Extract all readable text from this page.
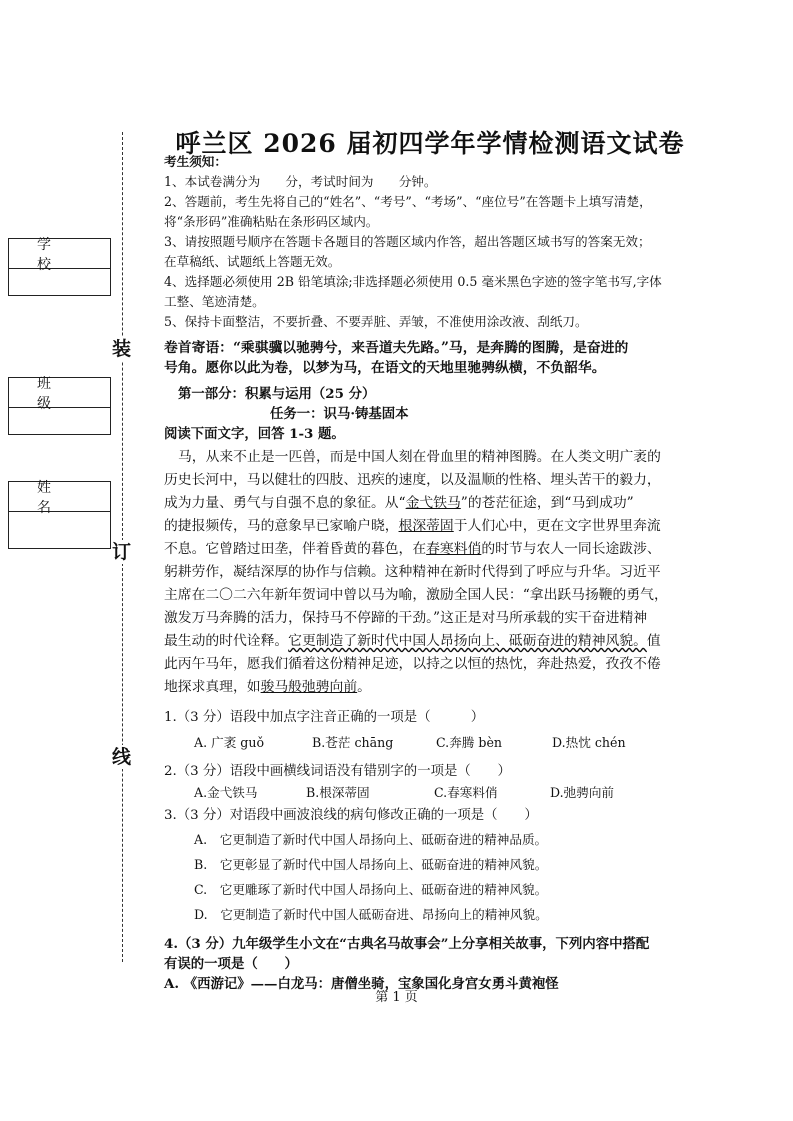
装
订
线
学校
班级
姓名
呼兰区 2026 届初四学年学情检测语文试卷
考生须知：
1、本试卷满分为　　分，考试时间为　　分钟。
2、答题前，考生先将自己的“姓名”、“考号”、“考场”、“座位号”在答题卡上填写清楚，
将“条形码”准确粘贴在条形码区域内。
3、请按照题号顺序在答题卡各题目的答题区域内作答，超出答题区域书写的答案无效；
在草稿纸、试题纸上答题无效。
4、选择题必须使用 2B 铅笔填涂;非选择题必须使用 0.5 毫米黑色字迹的签字笔书写,字体
工整、笔迹清楚。
5、保持卡面整洁，不要折叠、不要弄脏、弄皱，不准使用涂改液、刮纸刀。
卷首寄语：“乘骐骥以驰骋兮，来吾道夫先路。”马，是奔腾的图腾，是奋进的
号角。愿你以此为卷，以梦为马，在语文的天地里驰骋纵横，不负韶华。
第一部分：积累与运用（25 分）
任务一：识马·铸基固本
阅读下面文字，回答 1-3 题。
马，从来不止是一匹兽，而是中国人刻在骨血里的精神图腾。在人类文明广袤的
历史长河中，马以健壮的四肢、迅疾的速度，以及温顺的性格、埋头苦干的毅力，
成为力量、勇气与自强不息的象征。从“金弋铁马”的苍茫征途，到“马到成功”
的捷报频传，马的意象早已家喻户晓，根深蒂固于人们心中，更在文字世界里奔流
不息。它曾踏过田垄，伴着昏黄的暮色，在春寒料俏的时节与农人一同长途跋涉、
躬耕劳作，凝结深厚的协作与信赖。这种精神在新时代得到了呼应与升华。习近平
主席在二〇二六年新年贺词中曾以马为喻，激励全国人民：“拿出跃马扬鞭的勇气，
激发万马奔腾的活力，保持马不停蹄的干劲。”这正是对马所承载的实干奋进精神
最生动的时代诠释。它更制造了新时代中国人昂扬向上、砥砺奋进的精神风貌。值
此丙午马年，愿我们循着这份精神足迹，以持之以恒的热忱，奔赴热爱，孜孜不倦
地探求真理，如骏马般弛骋向前。
1.（3 分）语段中加点字注音正确的一项是（　　　）
A. 广袤 guǒ	B.苍茫 chāng	C.奔腾 bèn	D.热忱 chén
2.（3 分）语段中画横线词语没有错别字的一项是（　　）
A.金弋铁马	B.根深蒂固	C.春寒料俏	D.弛骋向前
3.（3 分）对语段中画波浪线的病句修改正确的一项是（　　）
A.　它更制造了新时代中国人昂扬向上、砥砺奋进的精神品质。
B.　它更彰显了新时代中国人昂扬向上、砥砺奋进的精神风貌。
C.　它更雕琢了新时代中国人昂扬向上、砥砺奋进的精神风貌。
D.　它更制造了新时代中国人砥砺奋进、昂扬向上的精神风貌。
4.（3 分）九年级学生小文在“古典名马故事会”上分享相关故事，下列内容中搭配
有误的一项是（　　）
A. 《西游记》——白龙马：唐僧坐骑，宝象国化身宫女勇斗黄袍怪
第 1 页
